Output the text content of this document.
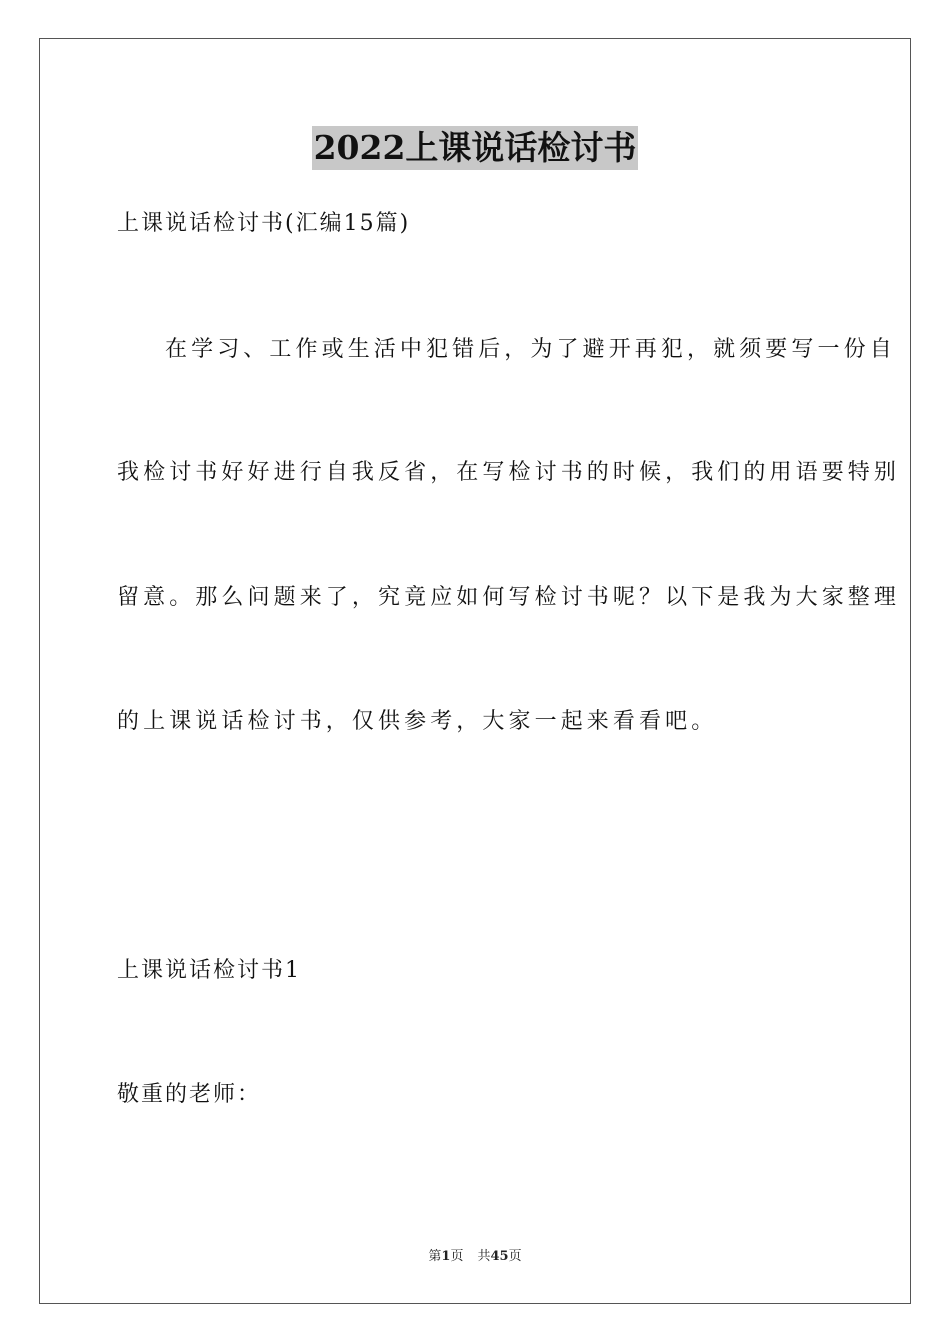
2022上课说话检讨书
上课说话检讨书(汇编15篇)
在学习、工作或生活中犯错后，为了避开再犯，就须要写一份自
我检讨书好好进行自我反省，在写检讨书的时候，我们的用语要特别
留意。那么问题来了，究竟应如何写检讨书呢？以下是我为大家整理
的上课说话检讨书，仅供参考，大家一起来看看吧。
上课说话检讨书1
敬重的老师：
第1页 共45页
